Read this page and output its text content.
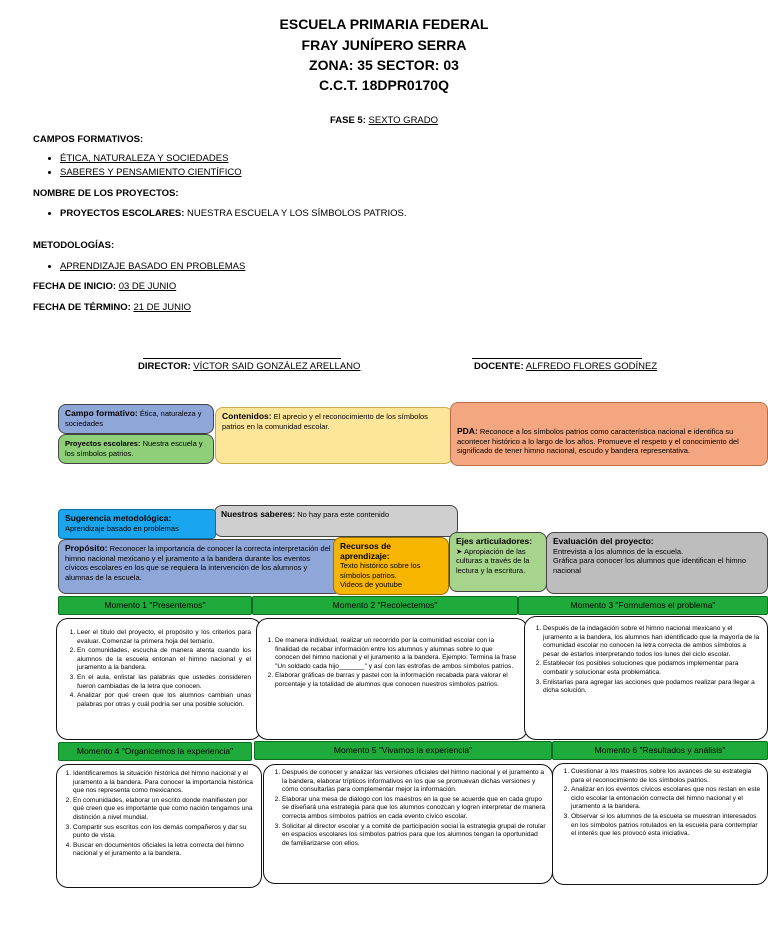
ESCUELA PRIMARIA FEDERAL
FRAY JUNÍPERO SERRA
ZONA: 35 SECTOR: 03
C.C.T. 18DPR0170Q
FASE 5: SEXTO GRADO
CAMPOS FORMATIVOS:
• ÉTICA, NATURALEZA Y SOCIEDADES
• SABERES Y PENSAMIENTO CIENTÍFICO
NOMBRE DE LOS PROYECTOS:
• PROYECTOS ESCOLARES: NUESTRA ESCUELA Y LOS SÍMBOLOS PATRIOS.
METODOLOGÍAS:
• APRENDIZAJE BASADO EN PROBLEMAS
FECHA DE INICIO: 03 DE JUNIO
FECHA DE TÉRMINO: 21 DE JUNIO
DIRECTOR: VÍCTOR SAID GONZÁLEZ ARELLANO	DOCENTE: ALFREDO FLORES GODÍNEZ
Campo formativo: Ética, naturaleza y sociedades
Proyectos escolares: Nuestra escuela y los símbolos patrios.
Contenidos: El aprecio y el reconocimiento de los símbolos patrios en la comunidad escolar.	PDA: Reconoce a los símbolos patrios como característica nacional e identifica su acontecer histórico a lo largo de los años. Promueve el respeto y el conocimiento del significado de tener himno nacional, escudo y bandera representativa.
Nuestros saberes: No hay para este contenido
Sugerencia metodológica:
Aprendizaje basado en problemas
Propósito: Reconocer la importancia de conocer la correcta interpretación del himno nacional mexicano y el juramento a la bandera durante los eventos cívicos escolares en los que se requiera la intervención de los alumnos y alumnas de la escuela.
Recursos de aprendizaje:
Texto histórico sobre los símbolos patrios.
Videos de youtube
Ejes articuladores:
➤ Apropiación de las culturas a través de la lectura y la escritura.
Evaluación del proyecto:
Entrevista a los alumnos de la escuela.
Gráfica para conocer los alumnos que identifican el himno nacional
Momento 1 "Presentemos"	Momento 2 "Recolectemos"	Momento 3 "Formulemos el problema"
1. Leer el título del proyecto, el propósito y los criterios para evaluar. Comenzar la primera hoja del temario.
2. En comunidades, escucha de manera atenta cuando los alumnos de la escuela entonan el himno nacional y el juramento a la bandera.
3. En el aula, enlistar las palabras que ustedes consideren fueron cambiadas de la letra que conocen.
4. Analizar por qué creen que los alumnos cambian unas palabras por otras y cuál podría ser una posible solución.
1. De manera individual, realizar un recorrido por la comunidad escolar con la finalidad de recabar información entre los alumnos y alumnas sobre lo que conocen del himno nacional y el juramento a la bandera. Ejemplo: Termina la frase "Un soldado cada hijo_______" y así con las estrofas de ambos símbolos patrios.
2. Elaborar gráficas de barras y pastel con la información recabada para valorar el porcentaje y la totalidad de alumnos que conocen nuestros símbolos patrios.
1. Después de la indagación sobre el himno nacional mexicano y el juramento a la bandera, los alumnos han identificado que la mayoría de la comunidad escolar no conocen la letra correcta de ambos símbolos a pesar de estarlos interpretando todos los lunes del ciclo escolar.
2. Establecer los posibles soluciones que podamos implementar para combatir y solucionar esta problemática.
3. Enlistarlas para agregar las acciones que podamos realizar para llegar a dicha solución.
Momento 4 "Organicemos la experiencia"	Momento 5 "Vivamos la experiencia"	Momento 6 "Resultados y análisis"
1. Identificaremos la situación histórica del himno nacional y el juramento a la bandera. Para conocer la importancia histórica que nos representa como mexicanos.
2. En comunidades, elaborar un escrito donde manifiesten por qué creen que es importante que como nación tengamos una distinción a nivel mundial.
3. Compartir sus escritos con los demás compañeros y dar su punto de vista.
4. Buscar en documentos oficiales la letra correcta del himno nacional y el juramento a la bandera.
1. Después de conocer y analizar las versiones oficiales del himno nacional y el juramento a la bandera, elaborar trípticos informativos en los que se promuevan dichas versiones y cómo consultarlas para complementar mejor la información.
2. Elaborar una mesa de diálogo con los maestros en la que se acuerde que en cada grupo se diseñará una estrategia para que los alumnos conozcan y logren interpretar de manera correcta ambos símbolos patrios en cada evento cívico escolar.
3. Solicitar al director escolar y a comité de participación social la estrategia grupal de rotular en espacios escolares los símbolos patrios para que los alumnos tengan la oportunidad de familiarizarse con ellos.
1. Cuestionar a los maestros sobre los avances de su estrategia para el reconocimiento de los símbolos patrios.
2. Analizar en los eventos cívicos escolares que nos restan en este ciclo escolar la entonación correcta del himno nacional y el juramento a la bandera.
3. Observar si los alumnos de la escuela se muestran interesados en los símbolos patrios rotulados en la escuela para contemplar el interés que les provocó esta iniciativa.
